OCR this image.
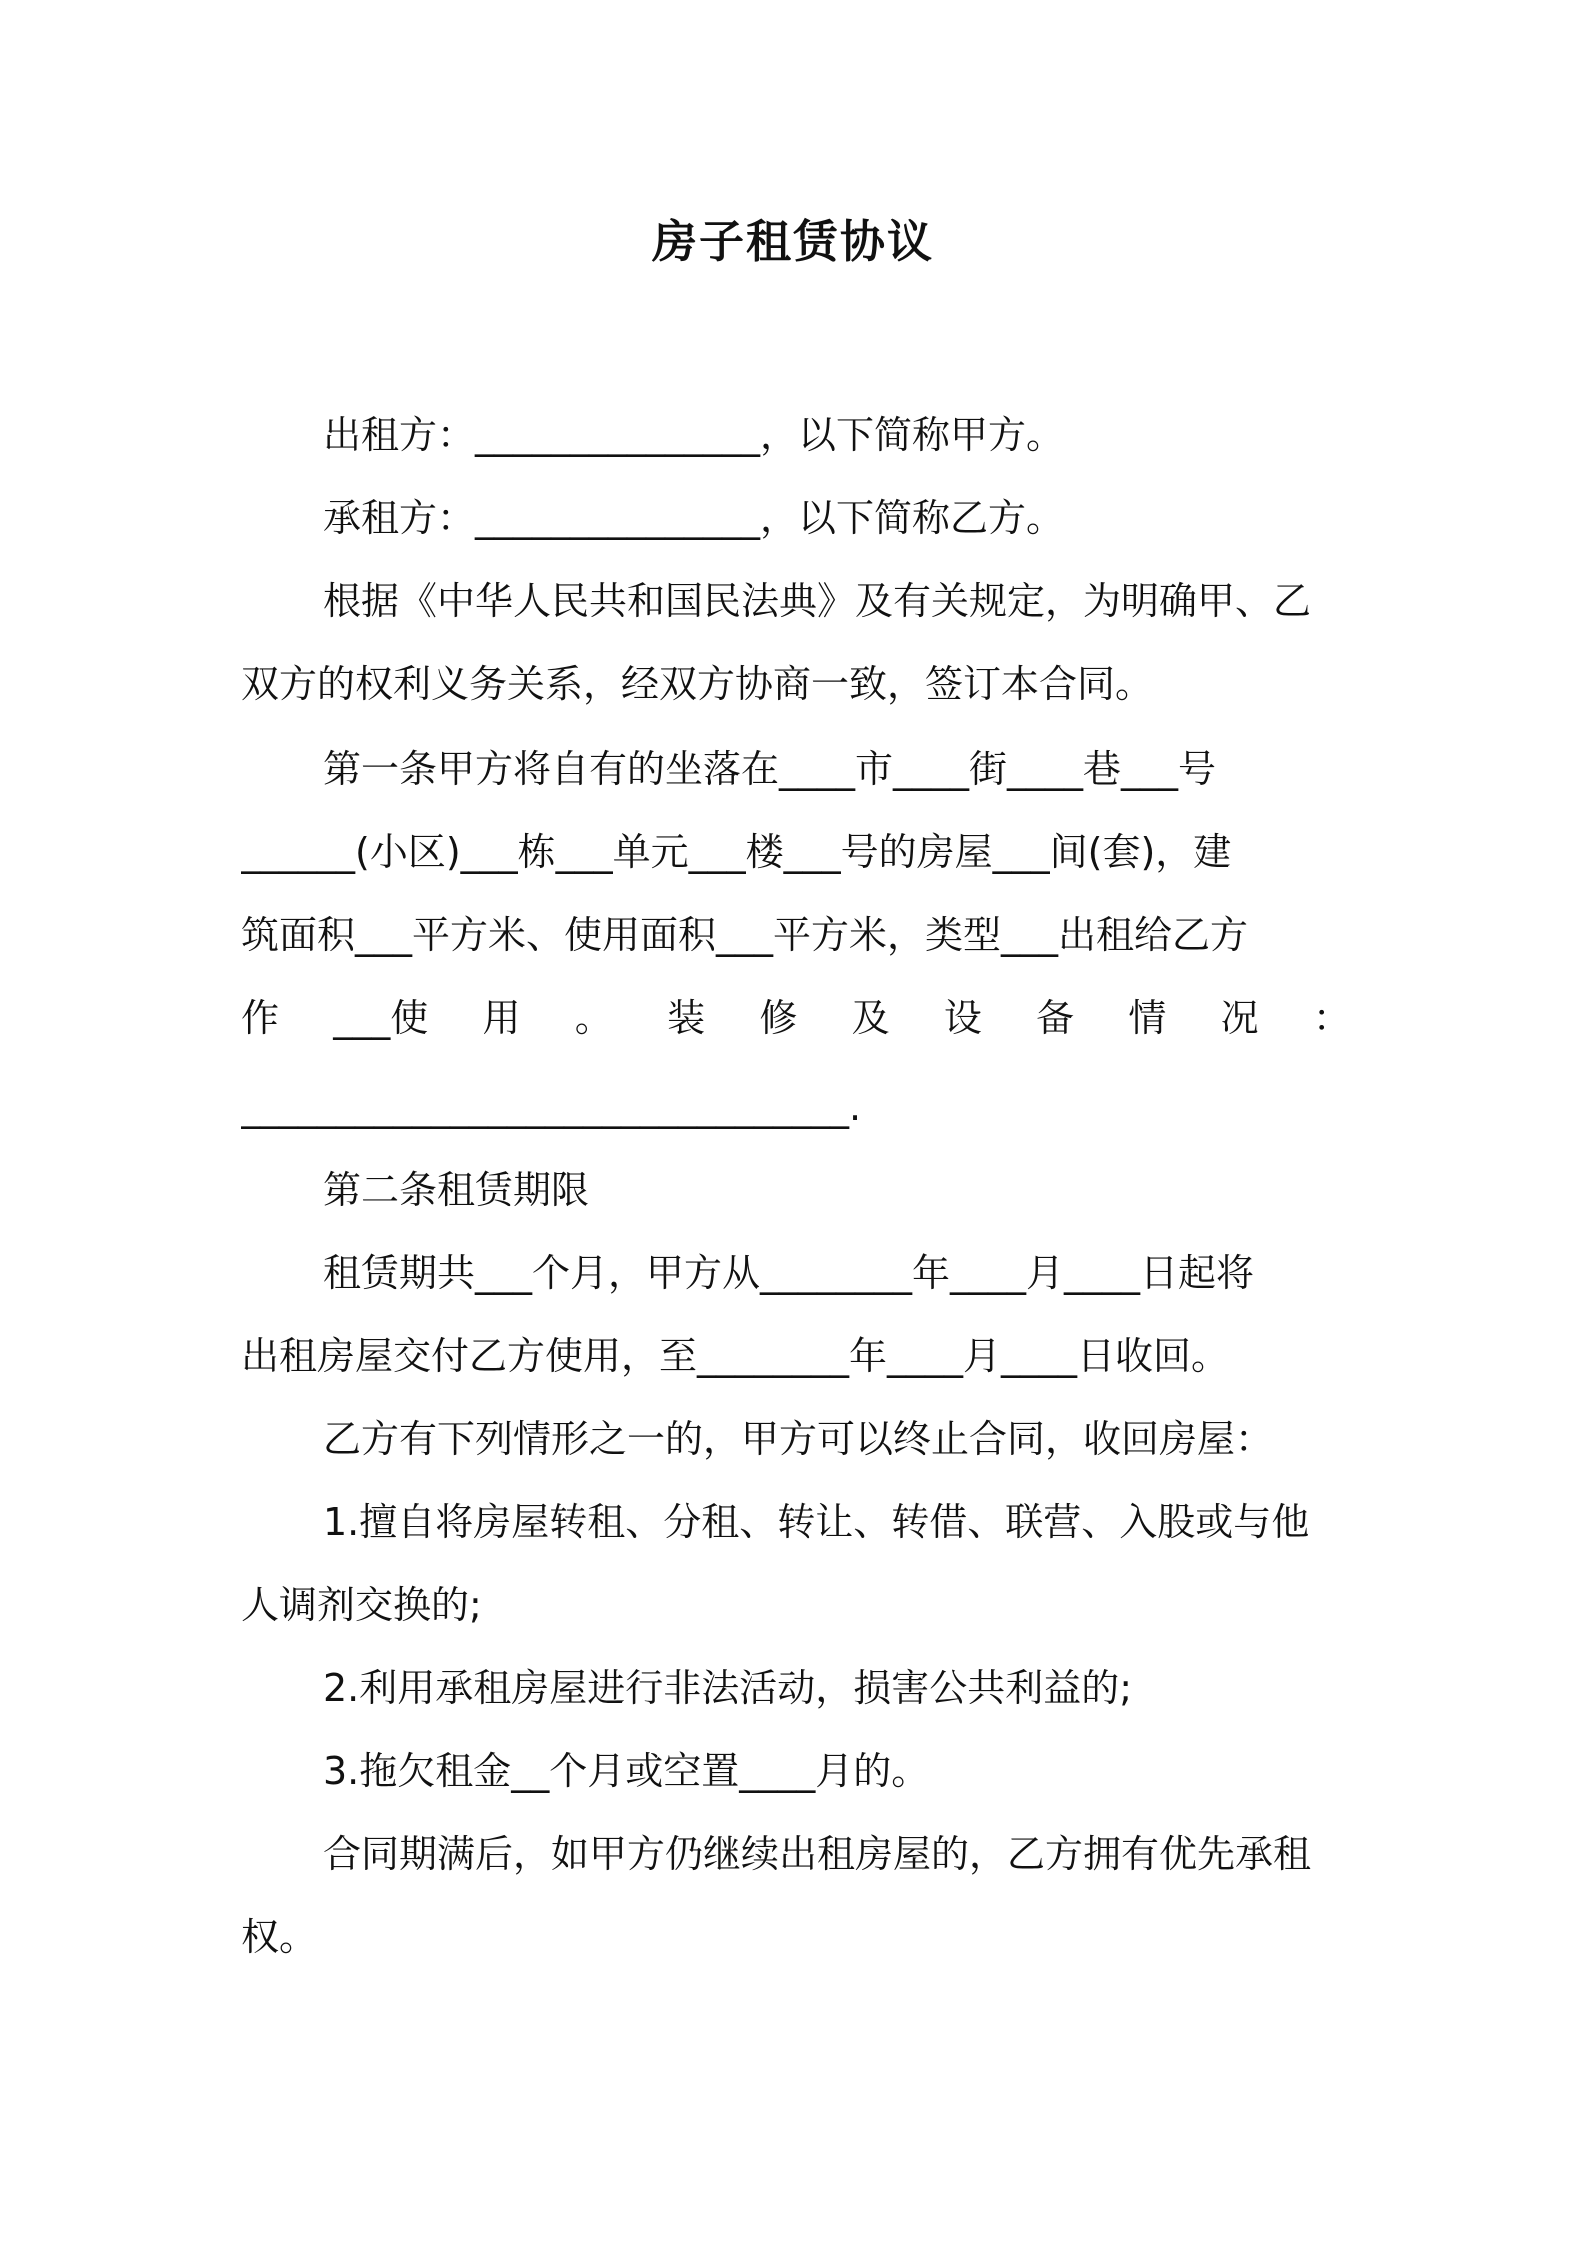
房子租赁协议
出租方：_______________，以下简称甲方。
承租方：_______________，以下简称乙方。
根据《中华人民共和国民法典》及有关规定，为明确甲、乙
双方的权利义务关系，经双方协商一致，签订本合同。
第一条甲方将自有的坐落在____市____街____巷___号
______(小区)___栋___单元___楼___号的房屋___间(套)，建
筑面积___平方米、使用面积___平方米，类型___出租给乙方
作 ___使 用 。 装 修 及 设 备 情 况 ：
________________________________.
第二条租赁期限
租赁期共___个月，甲方从________年____月____日起将
出租房屋交付乙方使用，至________年____月____日收回。
乙方有下列情形之一的，甲方可以终止合同，收回房屋：
1.擅自将房屋转租、分租、转让、转借、联营、入股或与他
人调剂交换的;
2.利用承租房屋进行非法活动，损害公共利益的;
3.拖欠租金__个月或空置____月的。
合同期满后，如甲方仍继续出租房屋的，乙方拥有优先承租
权。
